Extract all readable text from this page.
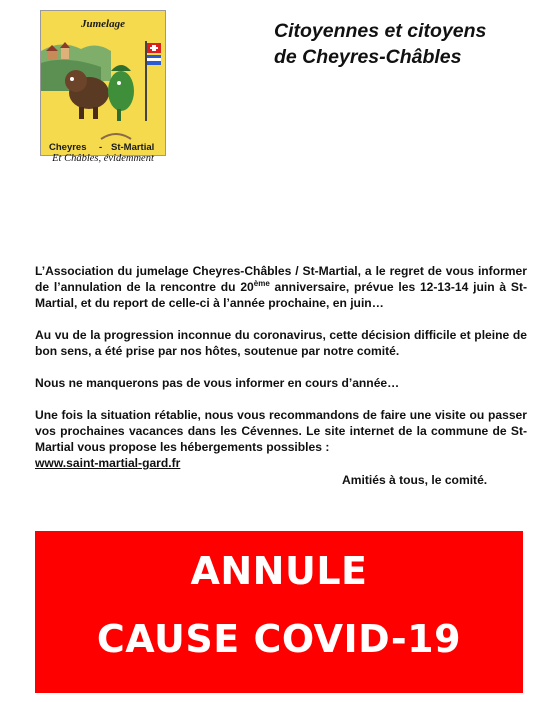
Jumelage
Cheyres - St-Martial
Et Châbles, évidemment
Citoyennes et citoyens
de Cheyres-Châbles

L’Association du jumelage Cheyres-Châbles / St-Martial, a le regret de vous informer de l’annulation de la rencontre du 20ème anniversaire, prévue les 12-13-14 juin à St-Martial, et du report de celle-ci à l’année prochaine, en juin…

Au vu de la progression inconnue du coronavirus, cette décision difficile et pleine de bon sens, a été prise par nos hôtes, soutenue par notre comité.

Nous ne manquerons pas de vous informer en cours d’année…

Une fois la situation rétablie, nous vous recommandons de faire une visite ou passer vos prochaines vacances dans les Cévennes. Le site internet de la commune de St-Martial vous propose les hébergements possibles :
www.saint-martial-gard.fr

Amitiés à tous, le comité.
ANNULE
CAUSE COVID-19
